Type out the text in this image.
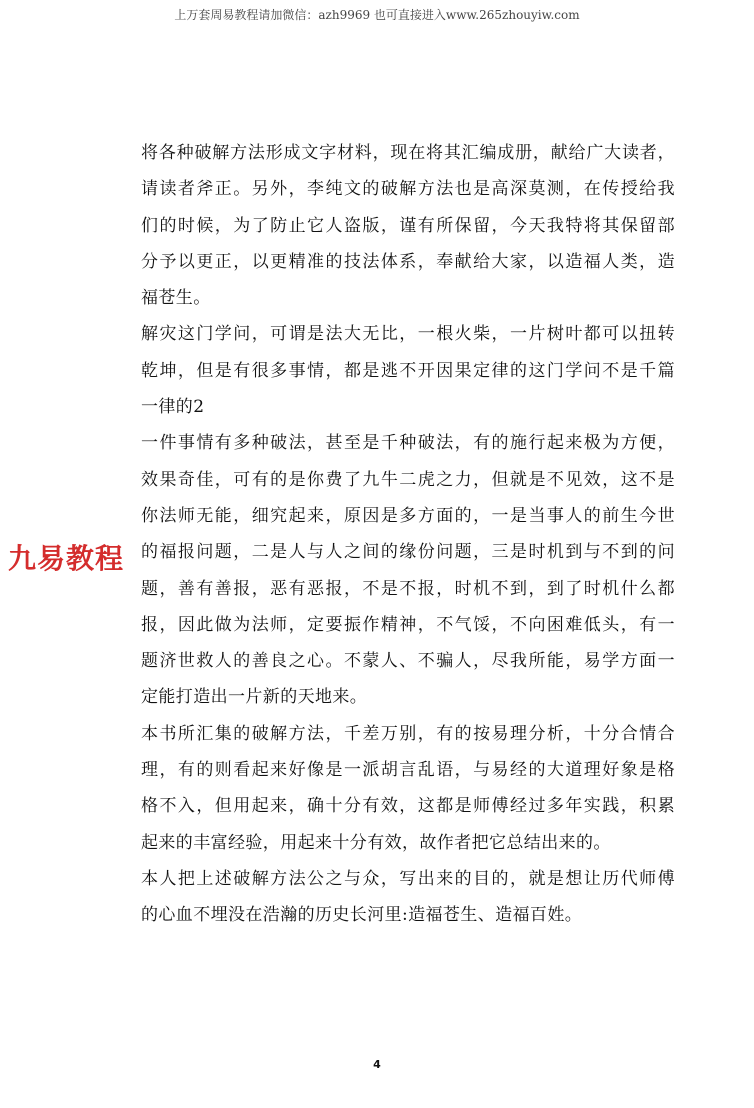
上万套周易教程请加微信：azh9969 也可直接进入www.265zhouyiw.com
九易教程
将各种破解方法形成文字材料，现在将其汇编成册，献给广大读者，
请读者斧正。另外，李纯文的破解方法也是高深莫测，在传授给我
们的时候，为了防止它人盗版，谨有所保留，今天我特将其保留部
分予以更正，以更精准的技法体系，奉献给大家，以造福人类，造
福苍生。
解灾这门学问，可谓是法大无比，一根火柴，一片树叶都可以扭转
乾坤，但是有很多事情，都是逃不开因果定律的这门学问不是千篇
一律的2
一件事情有多种破法，甚至是千种破法，有的施行起来极为方便，
效果奇佳，可有的是你费了九牛二虎之力，但就是不见效，这不是
你法师无能，细究起来，原因是多方面的，一是当事人的前生今世
的福报问题，二是人与人之间的缘份问题，三是时机到与不到的问
题，善有善报，恶有恶报，不是不报，时机不到，到了时机什么都
报，因此做为法师，定要振作精神，不气馁，不向困难低头，有一
题济世救人的善良之心。不蒙人、不骗人，尽我所能，易学方面一
定能打造出一片新的天地来。
本书所汇集的破解方法，千差万别，有的按易理分析，十分合情合
理，有的则看起来好像是一派胡言乱语，与易经的大道理好象是格
格不入，但用起来，确十分有效，这都是师傅经过多年实践，积累
起来的丰富经验，用起来十分有效，故作者把它总结出来的。
本人把上述破解方法公之与众，写出来的目的，就是想让历代师傅
的心血不埋没在浩瀚的历史长河里:造福苍生、造福百姓。
4
